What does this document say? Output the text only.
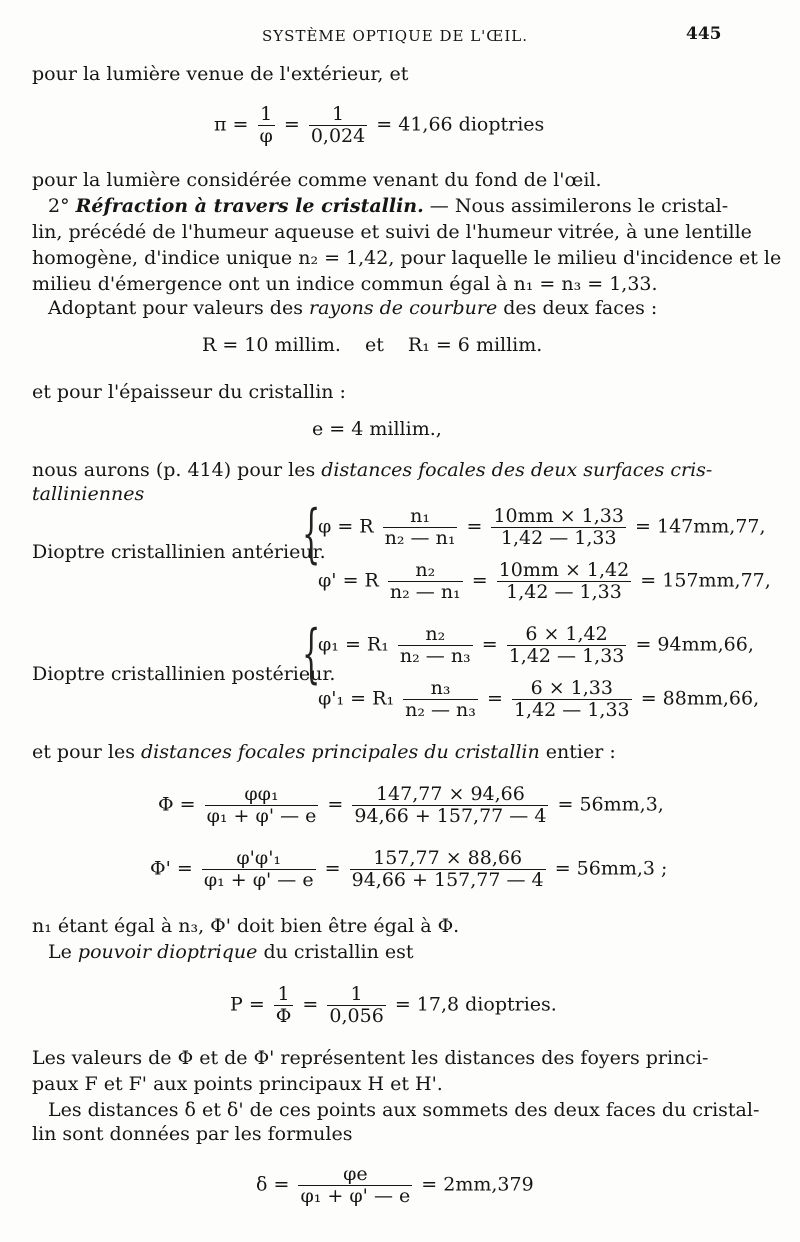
SYSTÈME OPTIQUE DE L'ŒIL.	445
pour la lumière venue de l'extérieur, et
$\pi = \frac{1}{\varphi} = \frac{1}{0,024} = 41,66$ dioptries
pour la lumière considérée comme venant du fond de l'œil.
2° Réfraction à travers le cristallin. — Nous assimilerons le cristal-
lin, précédé de l'humeur aqueuse et suivi de l'humeur vitrée, à une lentille
homogène, d'indice unique n₂ = 1,42, pour laquelle le milieu d'incidence et le
milieu d'émergence ont un indice commun égal à n₁ = n₃ = 1,33.
Adoptant pour valeurs des rayons de courbure des deux faces :
R = 10 millim. et R₁ = 6 millim.
et pour l'épaisseur du cristallin :
e = 4 millim.,
nous aurons (p. 414) pour les distances focales des deux surfaces cris-
talliniennes
Dioptre cristallinien antérieur.
{
φ = R $\frac{\text{n₁}}{\text{n₂ — n₁}} = \frac{10mm \times 1,33}{1,42 — 1,33} = 147mm,77$,
φ' = R $\frac{\text{n₂}}{\text{n₂ — n₁}} = \frac{10mm \times 1,42}{1,42 — 1,33} = 157mm,77$,
Dioptre cristallinien postérieur.
{
$\varphi_1 = R_1 \frac{\text{n₂}}{\text{n₂ — n₃}} = \frac{6 \times 1,42}{1,42 — 1,33} = 94mm,66$,
$\varphi'_1 = R_1 \frac{\text{n₃}}{\text{n₂ — n₃}} = \frac{6 \times 1,33}{1,42 — 1,33} = 88mm,66$,
et pour les distances focales principales du cristallin entier :
$\Phi = \frac{\text{φφ₁}}{\text{φ₁ + φ' — e}} = \frac{147,77 \times 94,66}{94,66 + 157,77 — 4} = 56mm,3$,
$\Phi' = \frac{\text{φ'φ'₁}}{\text{φ₁ + φ' — e}} = \frac{157,77 \times 88,66}{94,66 + 157,77 — 4} = 56mm,3$ ;
n₁ étant égal à n₃, Φ' doit bien être égal à Φ.
Le pouvoir dioptrique du cristallin est
$P = \frac{1}{\Phi} = \frac{1}{0,056} = 17,8$ dioptries.
Les valeurs de Φ et de Φ' représentent les distances des foyers princi-
paux F et F' aux points principaux H et H'.
Les distances δ et δ' de ces points aux sommets des deux faces du cristal-
lin sont données par les formules
$\delta = \frac{\varphi e}{\text{φ₁ + φ' — e}} = 2mm,379$
